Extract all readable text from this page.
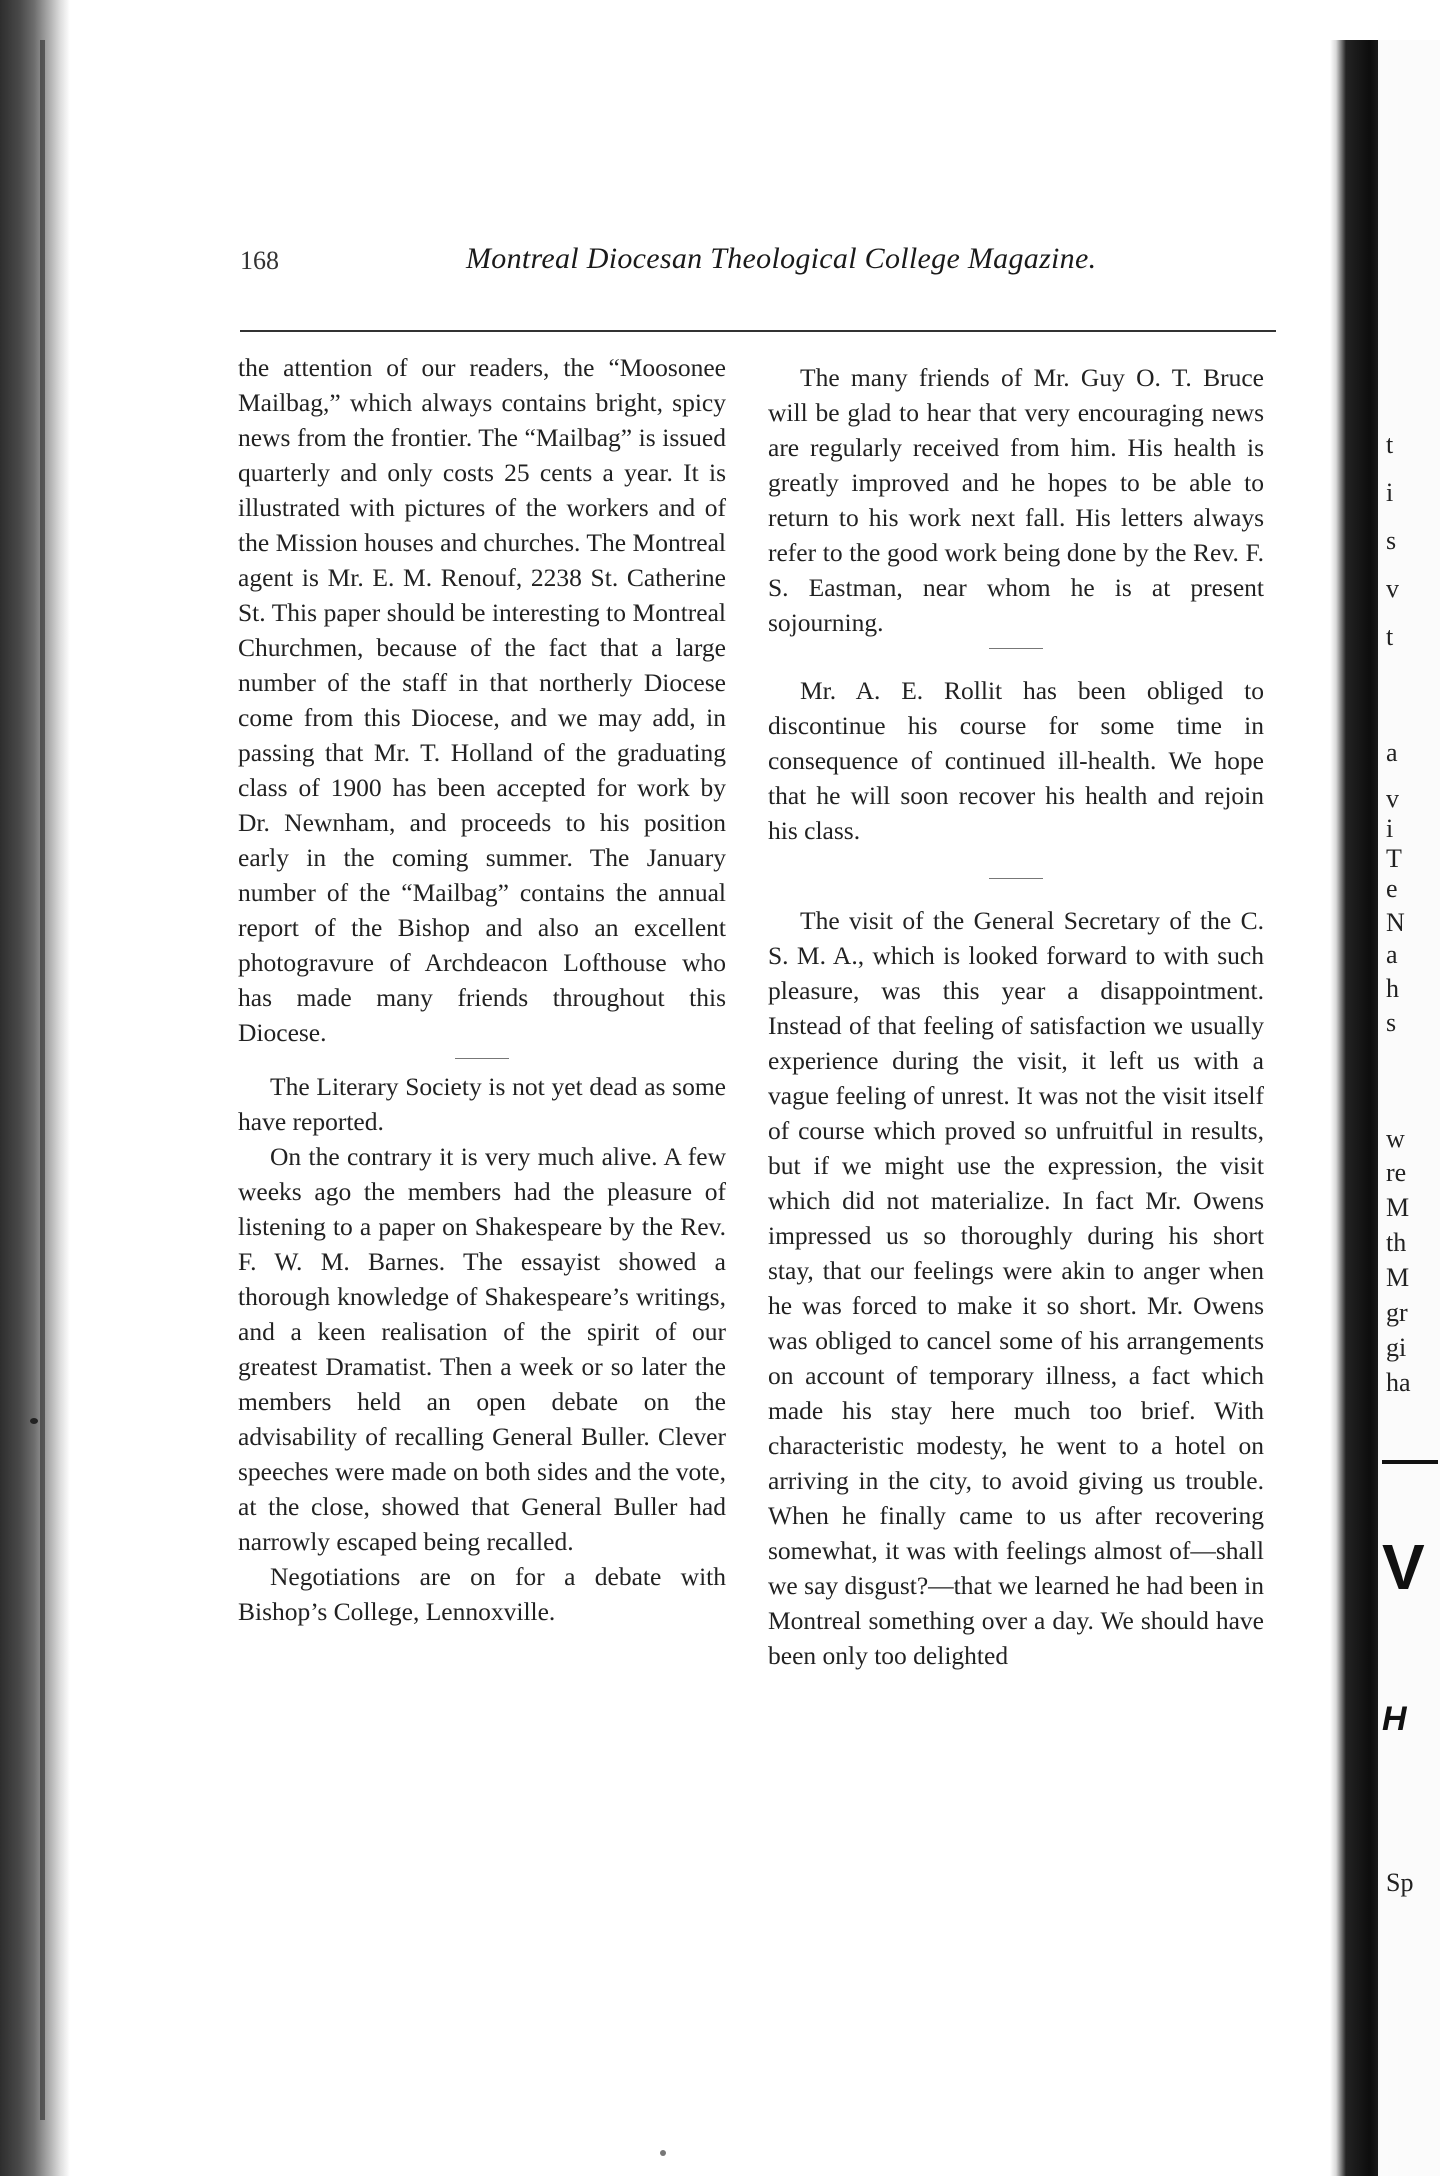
168	Montreal Diocesan Theological College Magazine.

the attention of our readers, the “Moosonee Mailbag,” which always contains bright, spicy news from the frontier. The “Mailbag” is issued quarterly and only costs 25 cents a year. It is illustrated with pictures of the workers and of the Mission houses and churches. The Montreal agent is Mr. E. M. Renouf, 2238 St. Catherine St. This paper should be interesting to Montreal Churchmen, because of the fact that a large number of the staff in that northerly Diocese come from this Diocese, and we may add, in passing that Mr. T. Holland of the graduating class of 1900 has been accepted for work by Dr. Newnham, and proceeds to his position early in the coming summer. The January number of the “Mailbag” contains the annual report of the Bishop and also an excellent photogravure of Archdeacon Lofthouse who has made many friends throughout this Diocese.

The Literary Society is not yet dead as some have reported.

On the contrary it is very much alive. A few weeks ago the members had the pleasure of listening to a paper on Shakespeare by the Rev. F. W. M. Barnes. The essayist showed a thorough knowledge of Shakespeare’s writings, and a keen realisation of the spirit of our greatest Dramatist. Then a week or so later the members held an open debate on the advisability of recalling General Buller. Clever speeches were made on both sides and the vote, at the close, showed that General Buller had narrowly escaped being recalled.

Negotiations are on for a debate with Bishop’s College, Lennoxville.

The many friends of Mr. Guy O. T. Bruce will be glad to hear that very encouraging news are regularly received from him. His health is greatly improved and he hopes to be able to return to his work next fall. His letters always refer to the good work being done by the Rev. F. S. Eastman, near whom he is at present sojourning.

Mr. A. E. Rollit has been obliged to discontinue his course for some time in consequence of continued ill-health. We hope that he will soon recover his health and rejoin his class.

The visit of the General Secretary of the C. S. M. A., which is looked forward to with such pleasure, was this year a disappointment. Instead of that feeling of satisfaction we usually experience during the visit, it left us with a vague feeling of unrest. It was not the visit itself of course which proved so unfruitful in results, but if we might use the expression, the visit which did not materialize. In fact Mr. Owens impressed us so thoroughly during his short stay, that our feelings were akin to anger when he was forced to make it so short. Mr. Owens was obliged to cancel some of his arrangements on account of temporary illness, a fact which made his stay here much too brief. With characteristic modesty, he went to a hotel on arriving in the city, to avoid giving us trouble. When he finally came to us after recovering somewhat, it was with feelings almost of—shall we say disgust?—that we learned he had been in Montreal something over a day. We should have been only too delighted

t
i
s
v
t
a
v
i
T
e
N
a
h
s
w
re
M
th
M
gr
gi
ha
V
H
Sp
